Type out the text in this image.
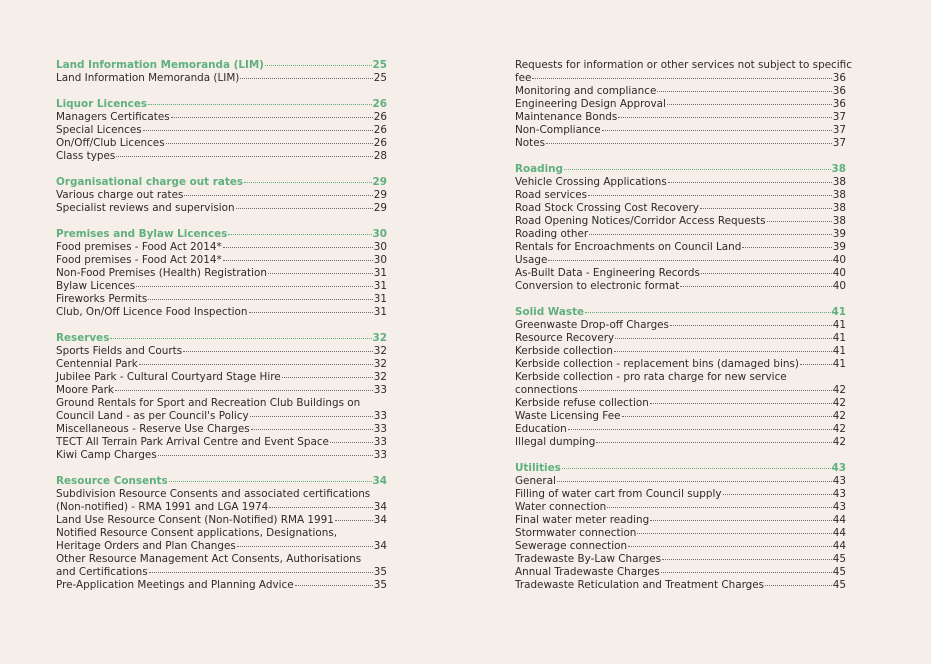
Land Information Memoranda (LIM)	25
Land Information Memoranda (LIM)	25
Liquor Licences	26
Managers Certificates	26
Special Licences	26
On/Off/Club Licences	26
Class types	28
Organisational charge out rates	29
Various charge out rates	29
Specialist reviews and supervision	29
Premises and Bylaw Licences	30
Food premises - Food Act 2014*	30
Food premises - Food Act 2014*	30
Non-Food Premises (Health) Registration	31
Bylaw Licences	31
Fireworks Permits	31
Club, On/Off Licence Food Inspection	31
Reserves	32
Sports Fields and Courts	32
Centennial Park	32
Jubilee Park - Cultural Courtyard Stage Hire	32
Moore Park	33
Ground Rentals for Sport and Recreation Club Buildings on
Council Land - as per Council's Policy	33
Miscellaneous - Reserve Use Charges	33
TECT All Terrain Park Arrival Centre and Event Space	33
Kiwi Camp Charges	33
Resource Consents	34
Subdivision Resource Consents and associated certifications
(Non-notified) - RMA 1991 and LGA 1974	34
Land Use Resource Consent (Non-Notified) RMA 1991	34
Notified Resource Consent applications, Designations,
Heritage Orders and Plan Changes	34
Other Resource Management Act Consents, Authorisations
and Certifications	35
Pre-Application Meetings and Planning Advice	35
Requests for information or other services not subject to specific
fee	36
Monitoring and compliance	36
Engineering Design Approval	36
Maintenance Bonds	37
Non-Compliance	37
Notes	37
Roading	38
Vehicle Crossing Applications	38
Road services	38
Road Stock Crossing Cost Recovery	38
Road Opening Notices/Corridor Access Requests	38
Roading other	39
Rentals for Encroachments on Council Land	39
Usage	40
As-Built Data - Engineering Records	40
Conversion to electronic format	40
Solid Waste	41
Greenwaste Drop-off Charges	41
Resource Recovery	41
Kerbside collection	41
Kerbside collection - replacement bins (damaged bins)	41
Kerbside collection - pro rata charge for new service
connections	42
Kerbside refuse collection	42
Waste Licensing Fee	42
Education	42
Illegal dumping	42
Utilities	43
General	43
Filling of water cart from Council supply	43
Water connection	43
Final water meter reading	44
Stormwater connection	44
Sewerage connection	44
Tradewaste By-Law Charges	45
Annual Tradewaste Charges	45
Tradewaste Reticulation and Treatment Charges	45
